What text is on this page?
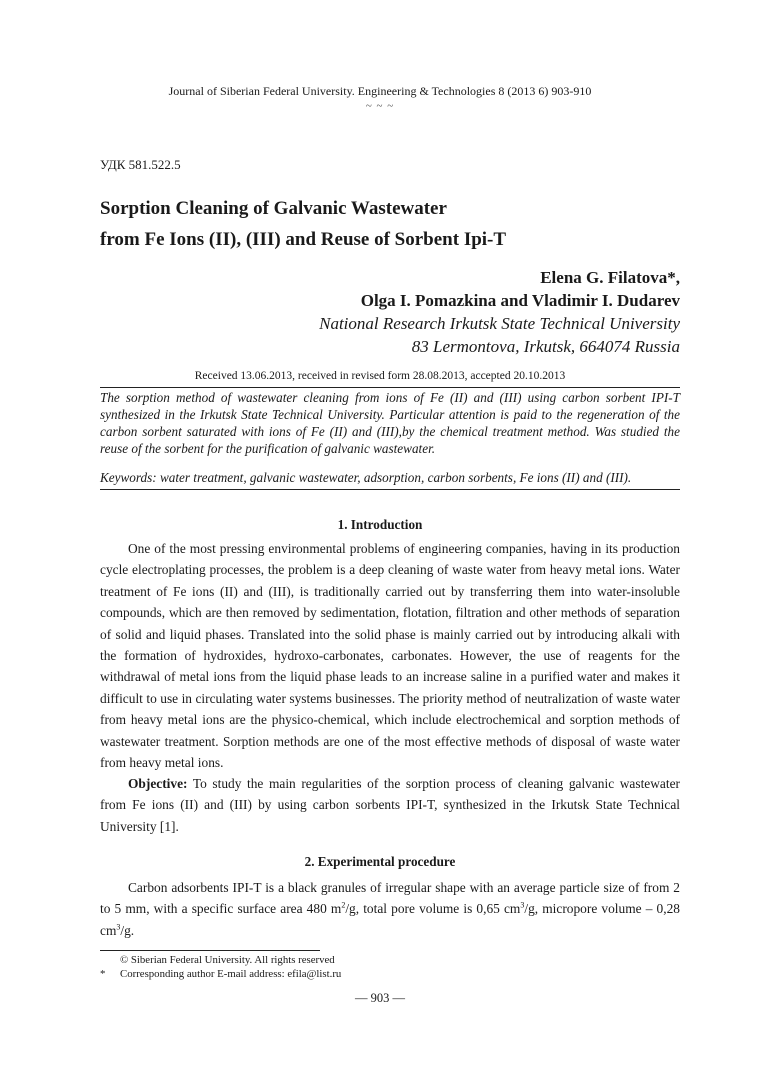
Journal of Siberian Federal University. Engineering & Technologies 8 (2013 6) 903-910
~ ~ ~
УДК 581.522.5
Sorption Cleaning of Galvanic Wastewater
from Fe Ions (II), (III) and Reuse of Sorbent Ipi-T
Elena G. Filatova*,
Olga I. Pomazkina and Vladimir I. Dudarev
National Research Irkutsk State Technical University
83 Lermontova, Irkutsk, 664074 Russia
Received 13.06.2013, received in revised form 28.08.2013, accepted 20.10.2013
The sorption method of wastewater cleaning from ions of Fe (II) and (III) using carbon sorbent IPI-T synthesized in the Irkutsk State Technical University. Particular attention is paid to the regeneration of the carbon sorbent saturated with ions of Fe (II) and (III),by the chemical treatment method. Was studied the reuse of the sorbent for the purification of galvanic wastewater.
Keywords: water treatment, galvanic wastewater, adsorption, carbon sorbents, Fe ions (II) and (III).
1. Introduction
One of the most pressing environmental problems of engineering companies, having in its production cycle electroplating processes, the problem is a deep cleaning of waste water from heavy metal ions. Water treatment of Fe ions (II) and (III), is traditionally carried out by transferring them into water-insoluble compounds, which are then removed by sedimentation, flotation, filtration and other methods of separation of solid and liquid phases. Translated into the solid phase is mainly carried out by introducing alkali with the formation of hydroxides, hydroxo-carbonates, carbonates. However, the use of reagents for the withdrawal of metal ions from the liquid phase leads to an increase saline in a purified water and makes it difficult to use in circulating water systems businesses. The priority method of neutralization of waste water from heavy metal ions are the physico-chemical, which include electrochemical and sorption methods of wastewater treatment. Sorption methods are one of the most effective methods of disposal of waste water from heavy metal ions.
Objective: To study the main regularities of the sorption process of cleaning galvanic wastewater from Fe ions (II) and (III) by using carbon sorbents IPI-T, synthesized in the Irkutsk State Technical University [1].
2. Experimental procedure
Carbon adsorbents IPI-T is a black granules of irregular shape with an average particle size of from 2 to 5 mm, with a specific surface area 480 $m^2/g$, total pore volume is 0,65 $cm^3/g$, micropore volume – 0,28 $cm^3/g$.
© Siberian Federal University. All rights reserved
* Corresponding author E-mail address: efila@list.ru
— 903 —
